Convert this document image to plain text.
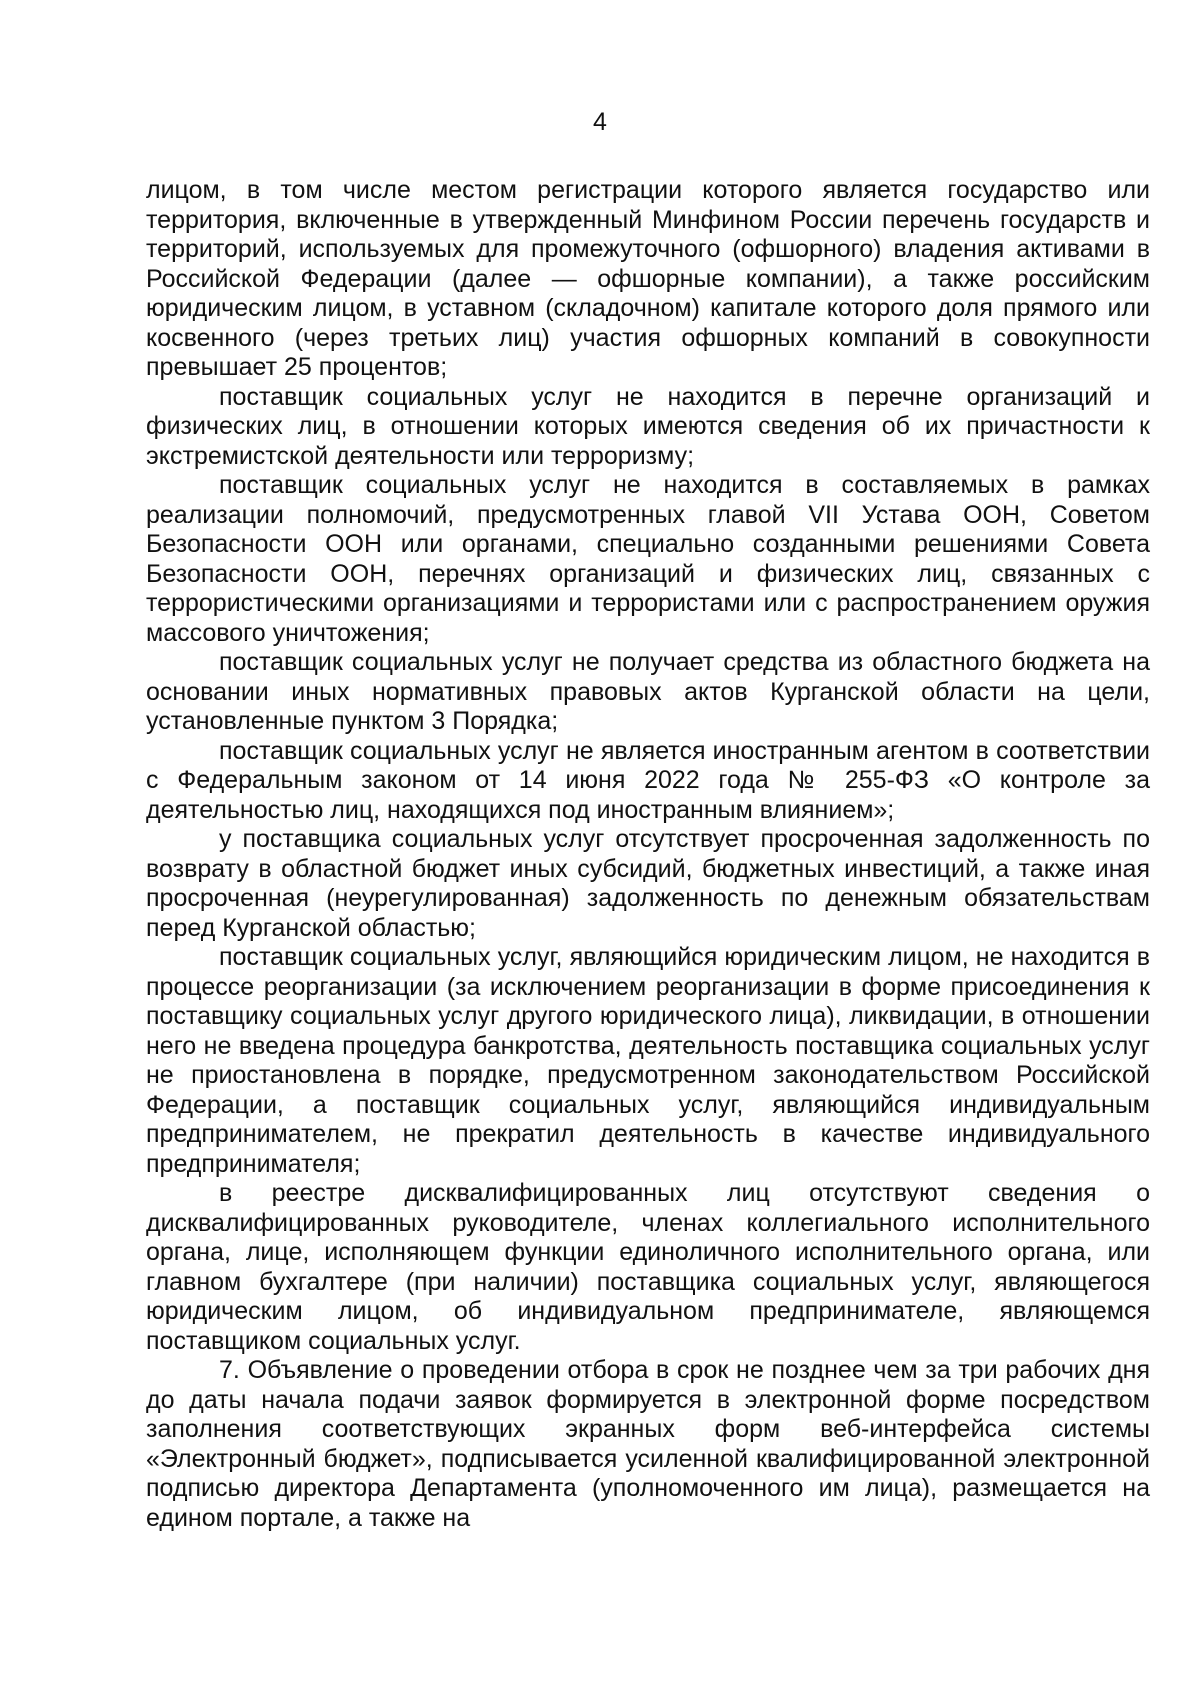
4

лицом, в том числе местом регистрации которого является государство или территория, включенные в утвержденный Минфином России перечень государств и территорий, используемых для промежуточного (офшорного) владения активами в Российской Федерации (далее — офшорные компании), а также российским юридическим лицом, в уставном (складочном) капитале которого доля прямого или косвенного (через третьих лиц) участия офшорных компаний в совокупности превышает 25 процентов;

поставщик социальных услуг не находится в перечне организаций и физических лиц, в отношении которых имеются сведения об их причастности к экстремистской деятельности или терроризму;

поставщик социальных услуг не находится в составляемых в рамках реализации полномочий, предусмотренных главой VII Устава ООН, Советом Безопасности ООН или органами, специально созданными решениями Совета Безопасности ООН, перечнях организаций и физических лиц, связанных с террористическими организациями и террористами или с распространением оружия массового уничтожения;

поставщик социальных услуг не получает средства из областного бюджета на основании иных нормативных правовых актов Курганской области на цели, установленные пунктом 3 Порядка;

поставщик социальных услуг не является иностранным агентом в соответствии с Федеральным законом от 14 июня 2022 года № 255-ФЗ «О контроле за деятельностью лиц, находящихся под иностранным влиянием»;

у поставщика социальных услуг отсутствует просроченная задолженность по возврату в областной бюджет иных субсидий, бюджетных инвестиций, а также иная просроченная (неурегулированная) задолженность по денежным обязательствам перед Курганской областью;

поставщик социальных услуг, являющийся юридическим лицом, не находится в процессе реорганизации (за исключением реорганизации в форме присоединения к поставщику социальных услуг другого юридического лица), ликвидации, в отношении него не введена процедура банкротства, деятельность поставщика социальных услуг не приостановлена в порядке, предусмотренном законодательством Российской Федерации, а поставщик социальных услуг, являющийся индивидуальным предпринимателем, не прекратил деятельность в качестве индивидуального предпринимателя;

в реестре дисквалифицированных лиц отсутствуют сведения о дисквалифицированных руководителе, членах коллегиального исполнительного органа, лице, исполняющем функции единоличного исполнительного органа, или главном бухгалтере (при наличии) поставщика социальных услуг, являющегося юридическим лицом, об индивидуальном предпринимателе, являющемся поставщиком социальных услуг.

7. Объявление о проведении отбора в срок не позднее чем за три рабочих дня до даты начала подачи заявок формируется в электронной форме посредством заполнения соответствующих экранных форм веб-интерфейса системы «Электронный бюджет», подписывается усиленной квалифицированной электронной подписью директора Департамента (уполномоченного им лица), размещается на едином портале, а также на
